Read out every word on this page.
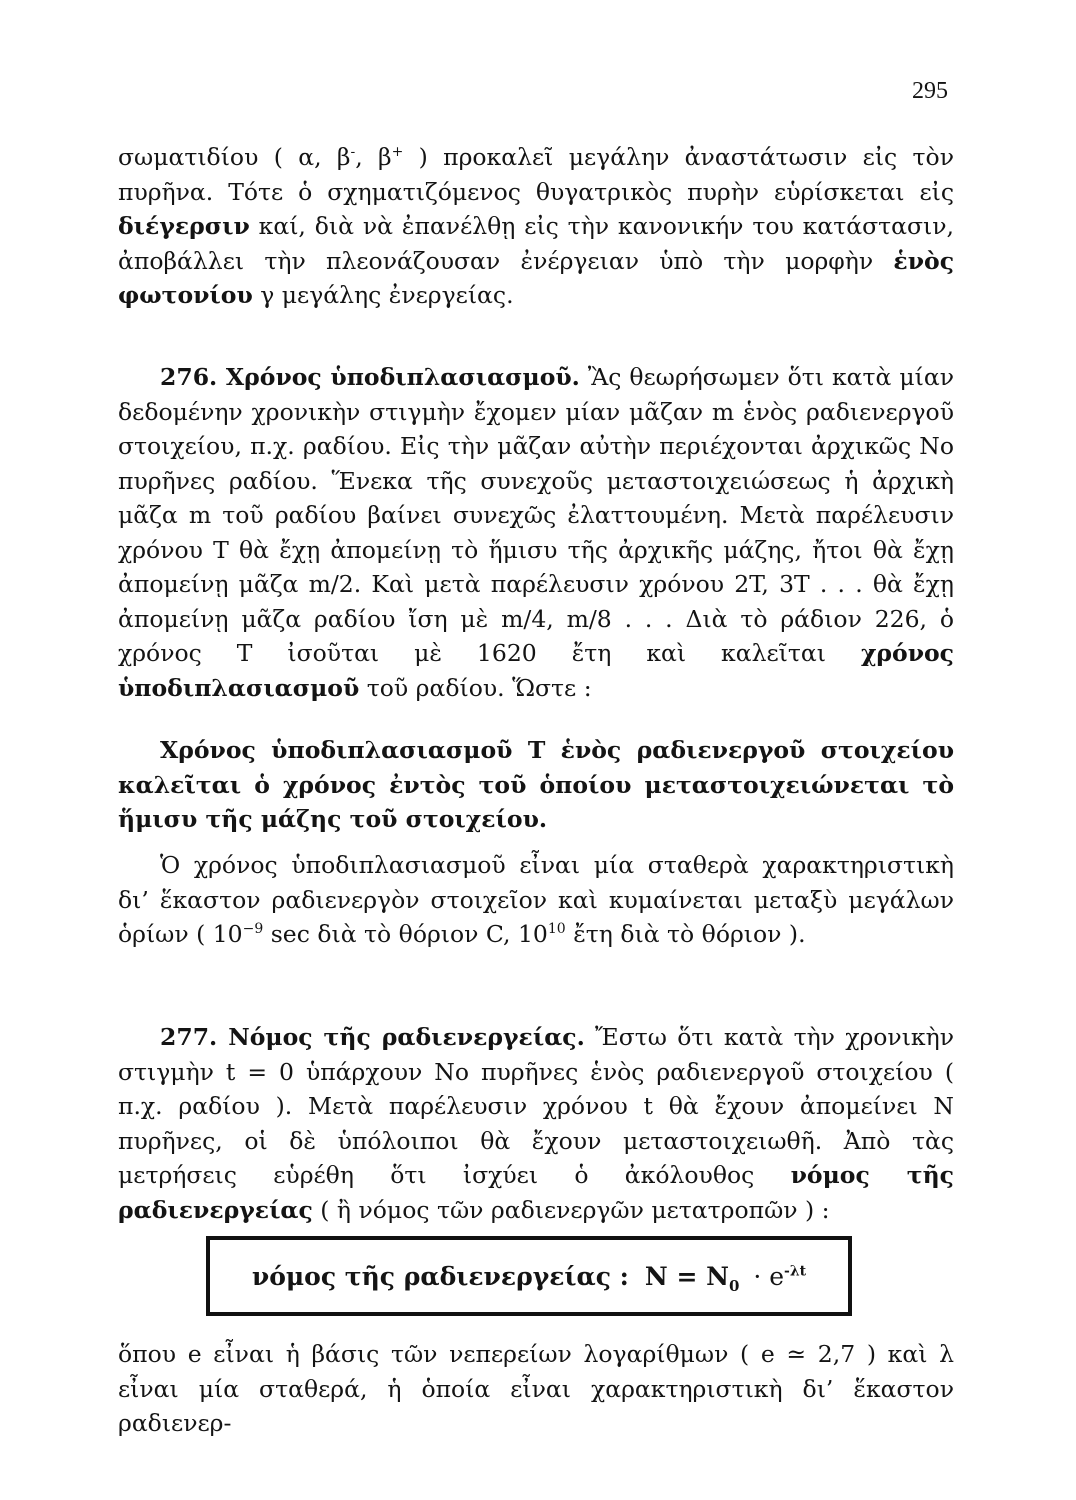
295

σωματιδίου ( α, β-, β+ ) προκαλεῖ μεγάλην ἀναστάτωσιν εἰς τὸν πυρῆνα. Τότε ὁ σχηματιζόμενος θυγατρικὸς πυρὴν εὑρίσκεται εἰς διέγερσιν καί, διὰ νὰ ἐπανέλθῃ εἰς τὴν κανονικήν του κατάστασιν, ἀποβάλλει τὴν πλεονάζουσαν ἐνέργειαν ὑπὸ τὴν μορφὴν ἑνὸς φωτονίου γ μεγάλης ἐνεργείας.

276. Χρόνος ὑποδιπλασιασμοῦ. Ἂς θεωρήσωμεν ὅτι κατὰ μίαν δεδομένην χρονικὴν στιγμὴν ἔχομεν μίαν μᾶζαν m ἑνὸς ραδιενεργοῦ στοιχείου, π.χ. ραδίου. Εἰς τὴν μᾶζαν αὐτὴν περιέχονται ἀρχικῶς No πυρῆνες ραδίου. Ἕνεκα τῆς συνεχοῦς μεταστοιχειώσεως ἡ ἀρχικὴ μᾶζα m τοῦ ραδίου βαίνει συνεχῶς ἐλαττουμένη. Μετὰ παρέλευσιν χρόνου Τ θὰ ἔχῃ ἀπομείνῃ τὸ ἥμισυ τῆς ἀρχικῆς μάζης, ἤτοι θὰ ἔχῃ ἀπομείνῃ μᾶζα m/2. Καὶ μετὰ παρέλευσιν χρόνου 2T, 3T . . . θὰ ἔχῃ ἀπομείνῃ μᾶζα ραδίου ἴση μὲ m/4, m/8 . . . Διὰ τὸ ράδιον 226, ὁ χρόνος T ἰσοῦται μὲ 1620 ἔτη καὶ καλεῖται χρόνος ὑποδιπλασιασμοῦ τοῦ ραδίου. Ὥστε :

Χρόνος ὑποδιπλασιασμοῦ Τ ἑνὸς ραδιενεργοῦ στοιχείου καλεῖται ὁ χρόνος ἐντὸς τοῦ ὁποίου μεταστοιχειώνεται τὸ ἥμισυ τῆς μάζης τοῦ στοιχείου.

Ὁ χρόνος ὑποδιπλασιασμοῦ εἶναι μία σταθερὰ χαρακτηριστικὴ δι’ ἕκαστον ραδιενεργὸν στοιχεῖον καὶ κυμαίνεται μεταξὺ μεγάλων ὁρίων ( $10^{-9}$ sec διὰ τὸ θόριον C, $10^{10}$ ἔτη διὰ τὸ θόριον ).

277. Νόμος τῆς ραδιενεργείας. Ἔστω ὅτι κατὰ τὴν χρονικὴν στιγμὴν t = 0 ὑπάρχουν No πυρῆνες ἑνὸς ραδιενεργοῦ στοιχείου ( π.χ. ραδίου ). Μετὰ παρέλευσιν χρόνου t θὰ ἔχουν ἀπομείνει N πυρῆνες, οἱ δὲ ὑπόλοιποι θὰ ἔχουν μεταστοιχειωθῆ. Ἀπὸ τὰς μετρήσεις εὑρέθη ὅτι ἰσχύει ὁ ἀκόλουθος νόμος τῆς ραδιενεργείας ( ἢ νόμος τῶν ραδιενεργῶν μετατροπῶν ) :

νόμος τῆς ραδιενεργείας : $N = N_0 \cdot e^{-\lambda t}$

ὅπου e εἶναι ἡ βάσις τῶν νεπερείων λογαρίθμων ( e ≃ 2,7 ) καὶ λ εἶναι μία σταθερά, ἡ ὁποία εἶναι χαρακτηριστικὴ δι’ ἕκαστον ραδιενερ-
